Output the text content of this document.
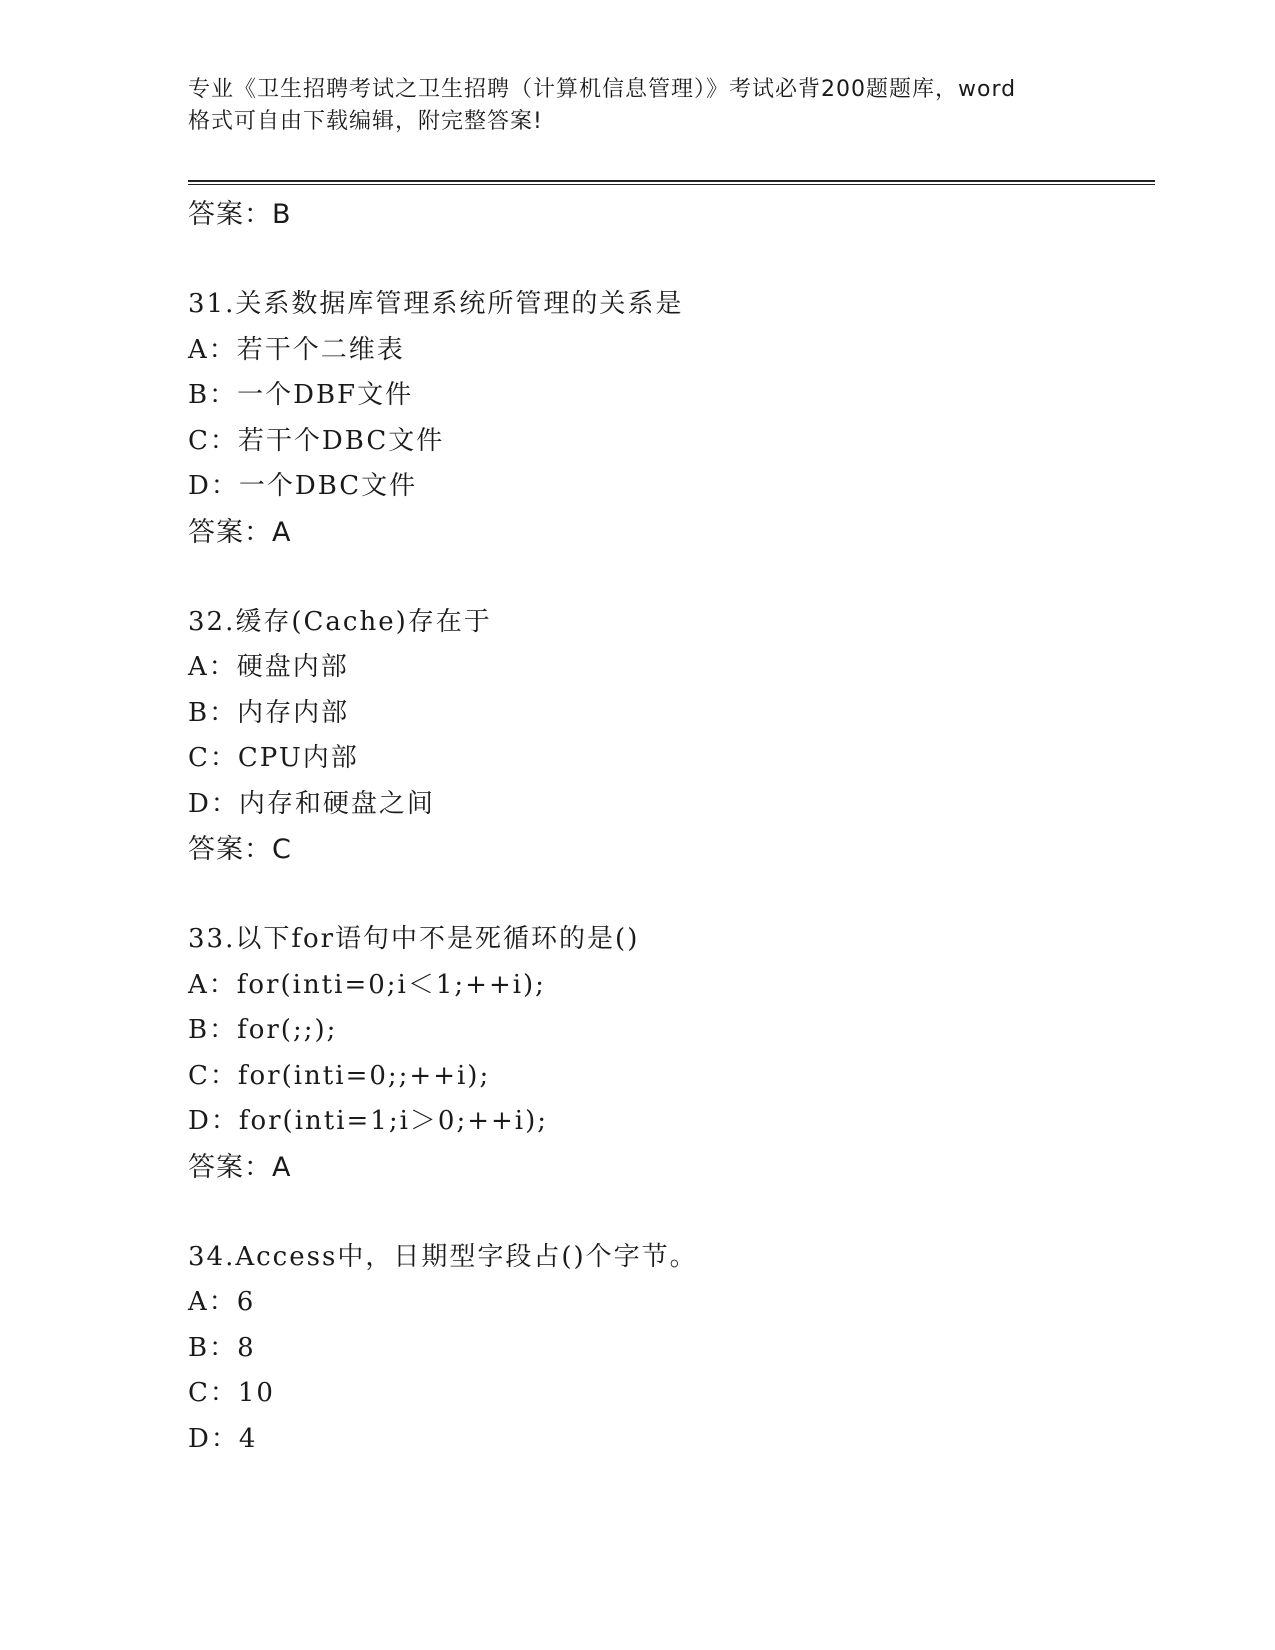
专业《卫生招聘考试之卫生招聘（计算机信息管理）》考试必背200题题库，word
格式可自由下载编辑，附完整答案!
答案：B
31.关系数据库管理系统所管理的关系是
A：若干个二维表
B：一个DBF文件
C：若干个DBC文件
D：一个DBC文件
答案：A
32.缓存(Cache)存在于
A：硬盘内部
B：内存内部
C：CPU内部
D：内存和硬盘之间
答案：C
33.以下for语句中不是死循环的是()
A：for(inti=0;i＜1;++i);
B：for(;;);
C：for(inti=0;;++i);
D：for(inti=1;i＞0;++i);
答案：A
34.Access中，日期型字段占()个字节。
A：6
B：8
C：10
D：4
